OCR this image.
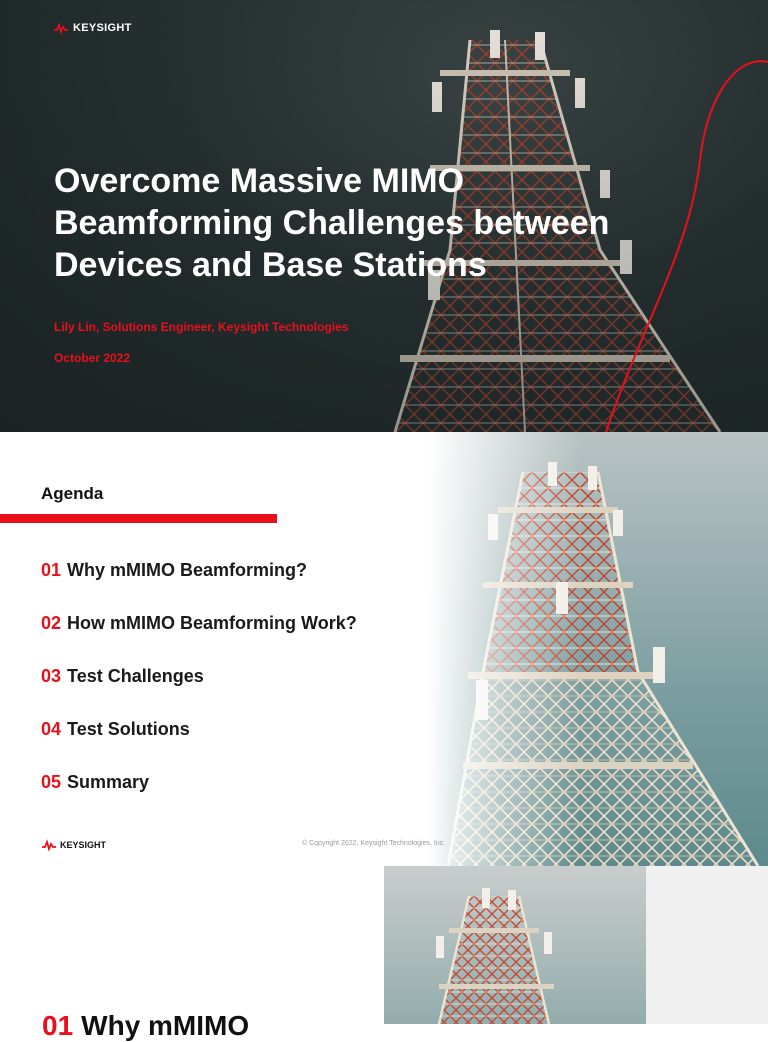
KEYSIGHT
Overcome Massive MIMO
Beamforming Challenges between
Devices and Base Stations
Lily Lin, Solutions Engineer, Keysight Technologies
October 2022
Agenda
01 Why mMIMO Beamforming?
02 How mMIMO Beamforming Work?
03 Test Challenges
04 Test Solutions
05 Summary
KEYSIGHT	© Copyright 2022, Keysight Technologies, Inc.
01 Why mMIMO
